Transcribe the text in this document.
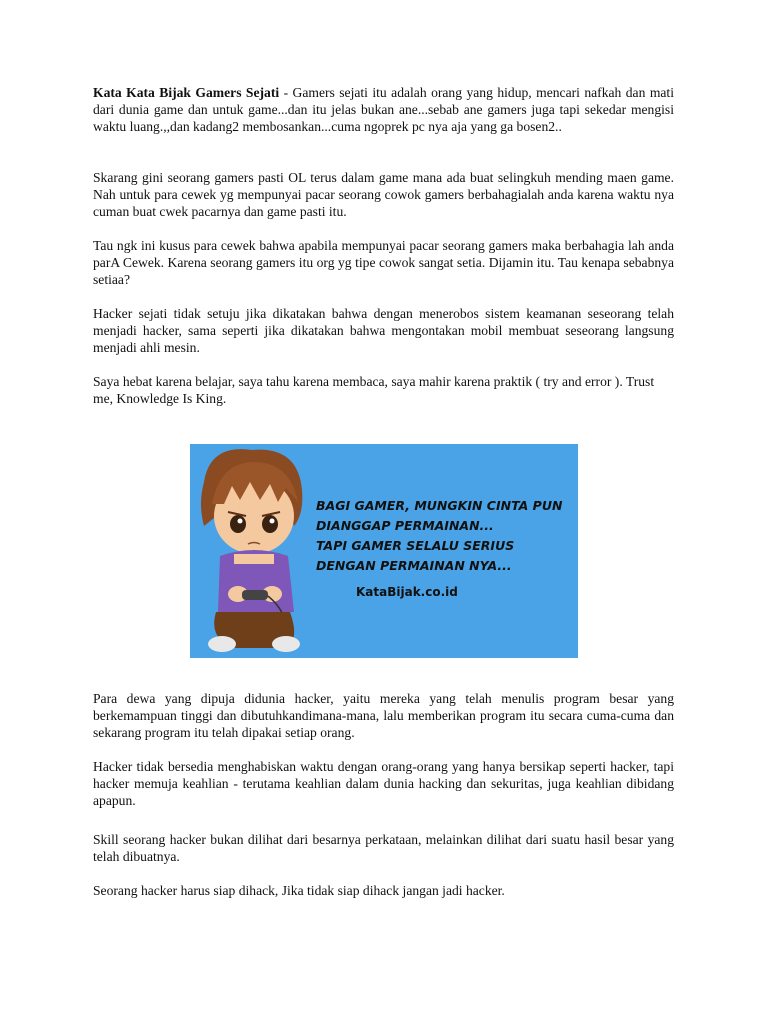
Kata Kata Bijak Gamers Sejati - Gamers sejati itu adalah orang yang hidup, mencari nafkah dan mati dari dunia game dan untuk game...dan itu jelas bukan ane...sebab ane gamers juga tapi sekedar mengisi waktu luang.,,dan kadang2 membosankan...cuma ngoprek pc nya aja yang ga bosen2..

Skarang gini seorang gamers pasti OL terus dalam game mana ada buat selingkuh mending maen game. Nah untuk para cewek yg mempunyai pacar seorang cowok gamers berbahagialah anda karena waktu nya cuman buat cwek pacarnya dan game pasti itu.

Tau ngk ini kusus para cewek bahwa apabila mempunyai pacar seorang gamers maka berbahagia lah anda parA Cewek. Karena seorang gamers itu org yg tipe cowok sangat setia. Dijamin itu. Tau kenapa sebabnya setiaa?

Hacker sejati tidak setuju jika dikatakan bahwa dengan menerobos sistem keamanan seseorang telah menjadi hacker, sama seperti jika dikatakan bahwa mengontakan mobil membuat seseorang langsung menjadi ahli mesin.

Saya hebat karena belajar, saya tahu karena membaca, saya mahir karena praktik ( try and error ). Trust me, Knowledge Is King.

BAGI GAMER, MUNGKIN CINTA PUN
DIANGGAP PERMAINAN...
TAPI GAMER SELALU SERIUS
DENGAN PERMAINAN NYA...
KataBijak.co.id

Para dewa yang dipuja didunia hacker, yaitu mereka yang telah menulis program besar yang berkemampuan tinggi dan dibutuhkandimana-mana, lalu memberikan program itu secara cuma-cuma dan sekarang program itu telah dipakai setiap orang.

Hacker tidak bersedia menghabiskan waktu dengan orang-orang yang hanya bersikap seperti hacker, tapi hacker memuja keahlian - terutama keahlian dalam dunia hacking dan sekuritas, juga keahlian dibidang apapun.

Skill seorang hacker bukan dilihat dari besarnya perkataan, melainkan dilihat dari suatu hasil besar yang telah dibuatnya.

Seorang hacker harus siap dihack, Jika tidak siap dihack jangan jadi hacker.
